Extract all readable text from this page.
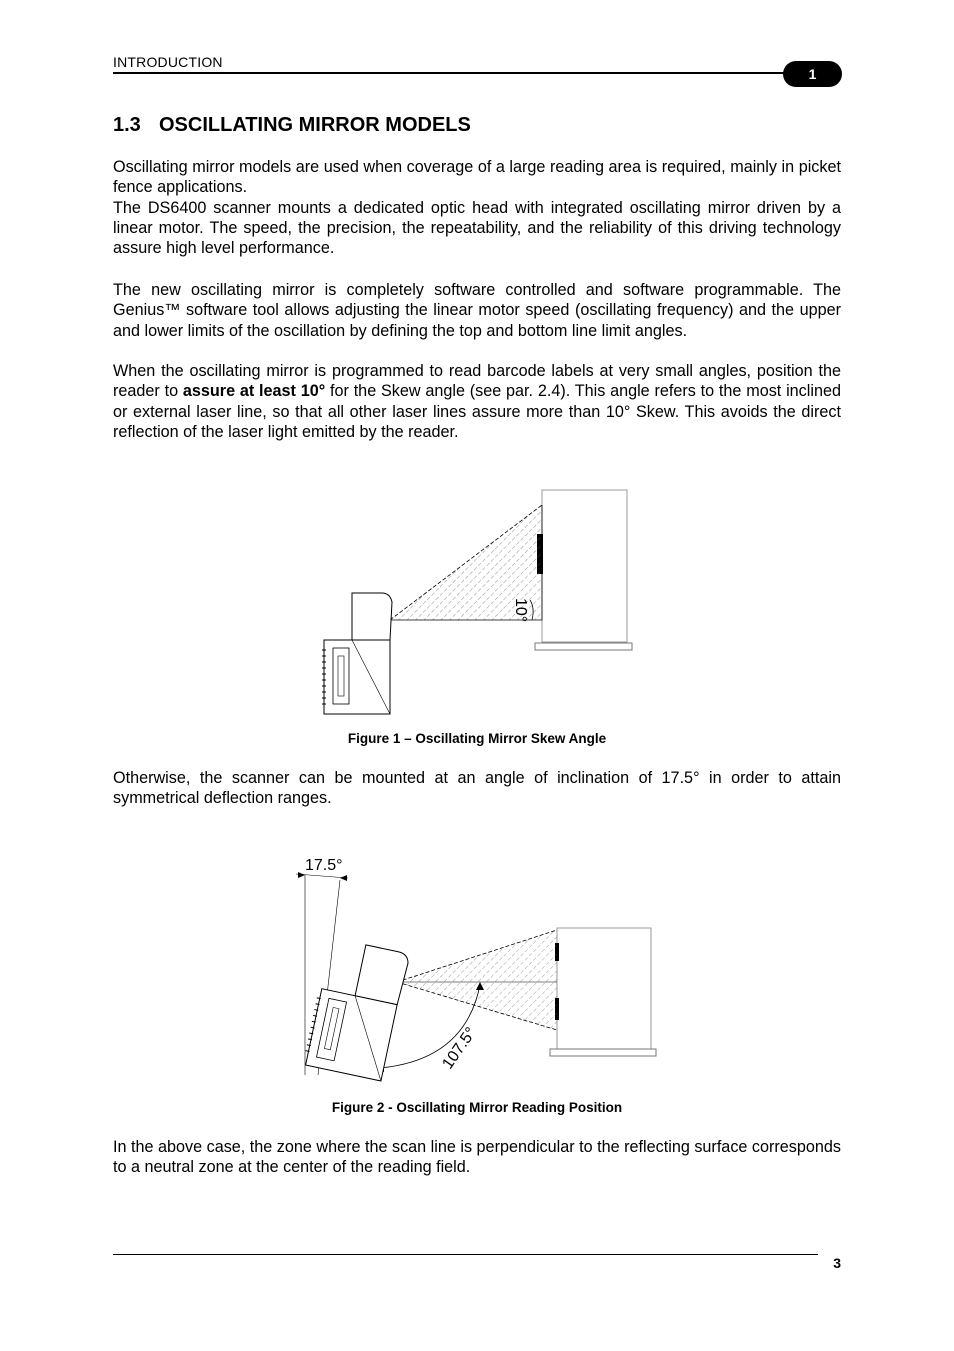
INTRODUCTION
1
1.3 OSCILLATING MIRROR MODELS
Oscillating mirror models are used when coverage of a large reading area is required, mainly in picket fence applications.
The DS6400 scanner mounts a dedicated optic head with integrated oscillating mirror driven by a linear motor. The speed, the precision, the repeatability, and the reliability of this driving technology assure high level performance.
The new oscillating mirror is completely software controlled and software programmable. The Genius™ software tool allows adjusting the linear motor speed (oscillating frequency) and the upper and lower limits of the oscillation by defining the top and bottom line limit angles.
When the oscillating mirror is programmed to read barcode labels at very small angles, position the reader to assure at least 10° for the Skew angle (see par. 2.4). This angle refers to the most inclined or external laser line, so that all other laser lines assure more than 10° Skew. This avoids the direct reflection of the laser light emitted by the reader.
10°
Figure 1 – Oscillating Mirror Skew Angle
Otherwise, the scanner can be mounted at an angle of inclination of 17.5° in order to attain symmetrical deflection ranges.
17.5°
107.5°
Figure 2 - Oscillating Mirror Reading Position
In the above case, the zone where the scan line is perpendicular to the reflecting surface corresponds to a neutral zone at the center of the reading field.
3
